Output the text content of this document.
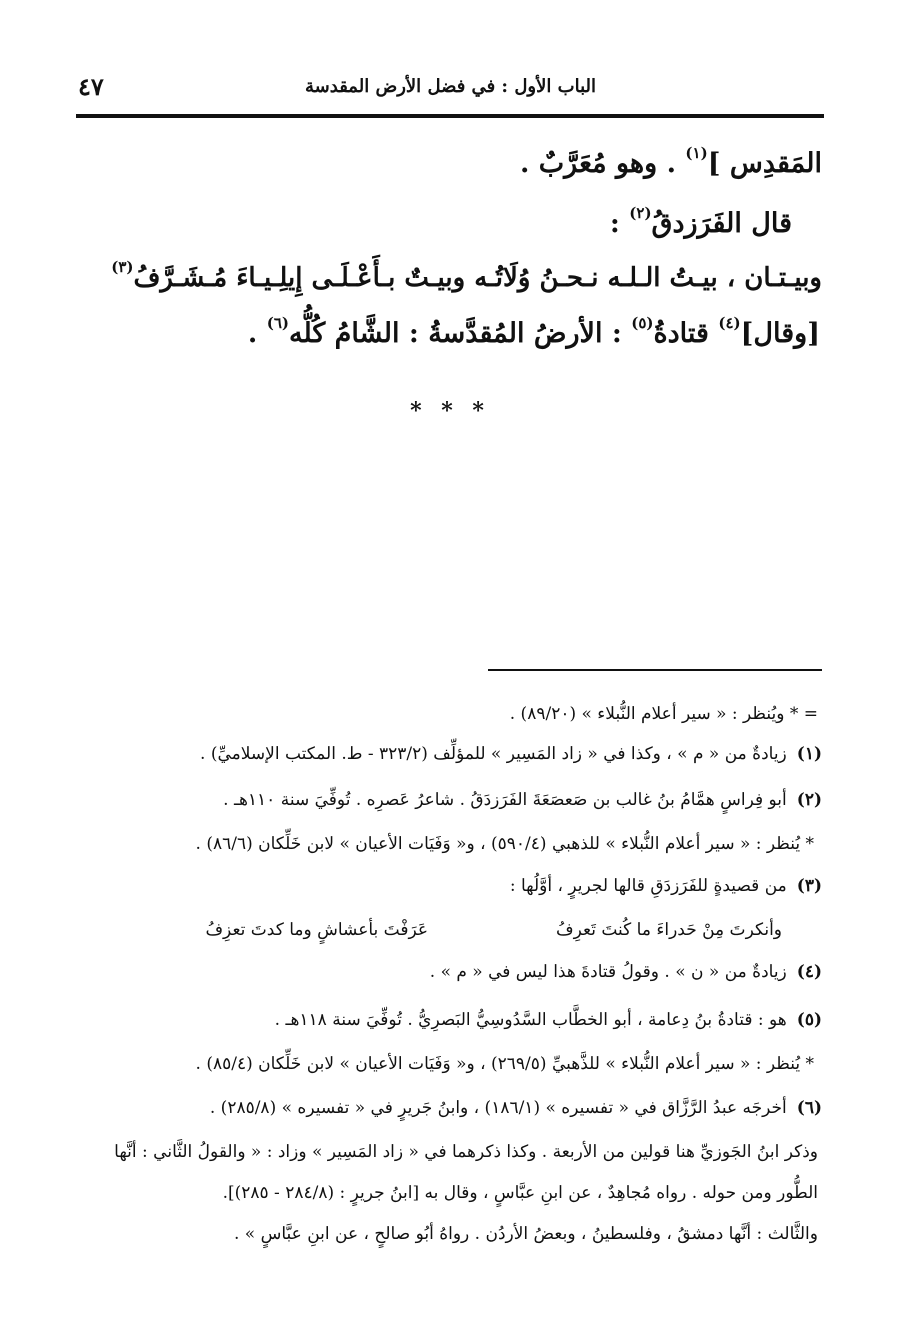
٤٧	الباب الأول : في فضل الأرض المقدسة
المَقدِس ]$^{(١)}$ . وهو مُعَرَّبٌ .
قال الفَرَزدقُ$^{(٢)}$ :
وبيـتـان ، بيـتُ الـلـه نـحـنُ وُلَاتُـه وبيـتٌ بـأَعْـلَـى إِيلِـيـاءَ مُـشَـرَّفُ$^{(٣)}$
[وقال]$^{(٤)}$ قتادةُ$^{(٥)}$ : الأرضُ المُقدَّسةُ : الشَّامُ كُلُّه$^{(٦)}$ .
* * *
= * ويُنظر : « سير أعلام النُّبلاء » (٨٩/٢٠) .
(١)زيادةٌ من « م » ، وكذا في « زاد المَسِير » للمؤلِّف (٣٢٣/٢ - ط. المكتب الإسلاميِّ) .
(٢)أبو فِراسٍ همَّامُ بنُ غالب بن صَعصَعَةَ الفَرَزدَقُ . شاعرُ عَصرِه . تُوفِّيَ سنة ١١٠هـ .
* يُنظر : « سير أعلام النُّبلاء » للذهبي (٥٩٠/٤) ، و« وَفَيَات الأعيان » لابن خَلِّكان (٨٦/٦) .
(٣)من قصيدةٍ للفَرَزدَقِ قالها لجريرٍ ، أوَّلُها :
عَرَفْتَ بأعشاشٍ وما كدتَ تعزِفُ	وأنكرتَ مِنْ حَدراءَ ما كُنتَ تَعرِفُ
(٤)زيادةٌ من « ن » . وقولُ قتادةَ هذا ليس في « م » .
(٥)هو : قتادةُ بنُ دِعامة ، أبو الخطَّاب السَّدُوسِيُّ البَصرِيُّ . تُوفِّيَ سنة ١١٨هـ .
* يُنظر : « سير أعلام النُّبلاء » للذَّهبيِّ (٢٦٩/٥) ، و« وَفَيَات الأعيان » لابن خَلِّكان (٨٥/٤) .
(٦)أخرجَه عبدُ الرَّزَّاق في « تفسيره » (١٨٦/١) ، وابنُ جَريرٍ في « تفسيره » (٢٨٥/٨) .
وذكر ابنُ الجَوزيِّ هنا قولين من الأربعة . وكذا ذكرهما في « زاد المَسِير » وزاد : « والقولُ الثَّاني : أنَّها
الطُّور ومن حوله . رواه مُجاهِدٌ ، عن ابنِ عبَّاسٍ ، وقال به [ابنُ جريرٍ : (٢٨٤/٨ - ٢٨٥)].
والثَّالث : أنَّها دمشقُ ، وفلسطينُ ، وبعضُ الأردُن . رواهُ أبُو صالحٍ ، عن ابنِ عبَّاسٍ » .
